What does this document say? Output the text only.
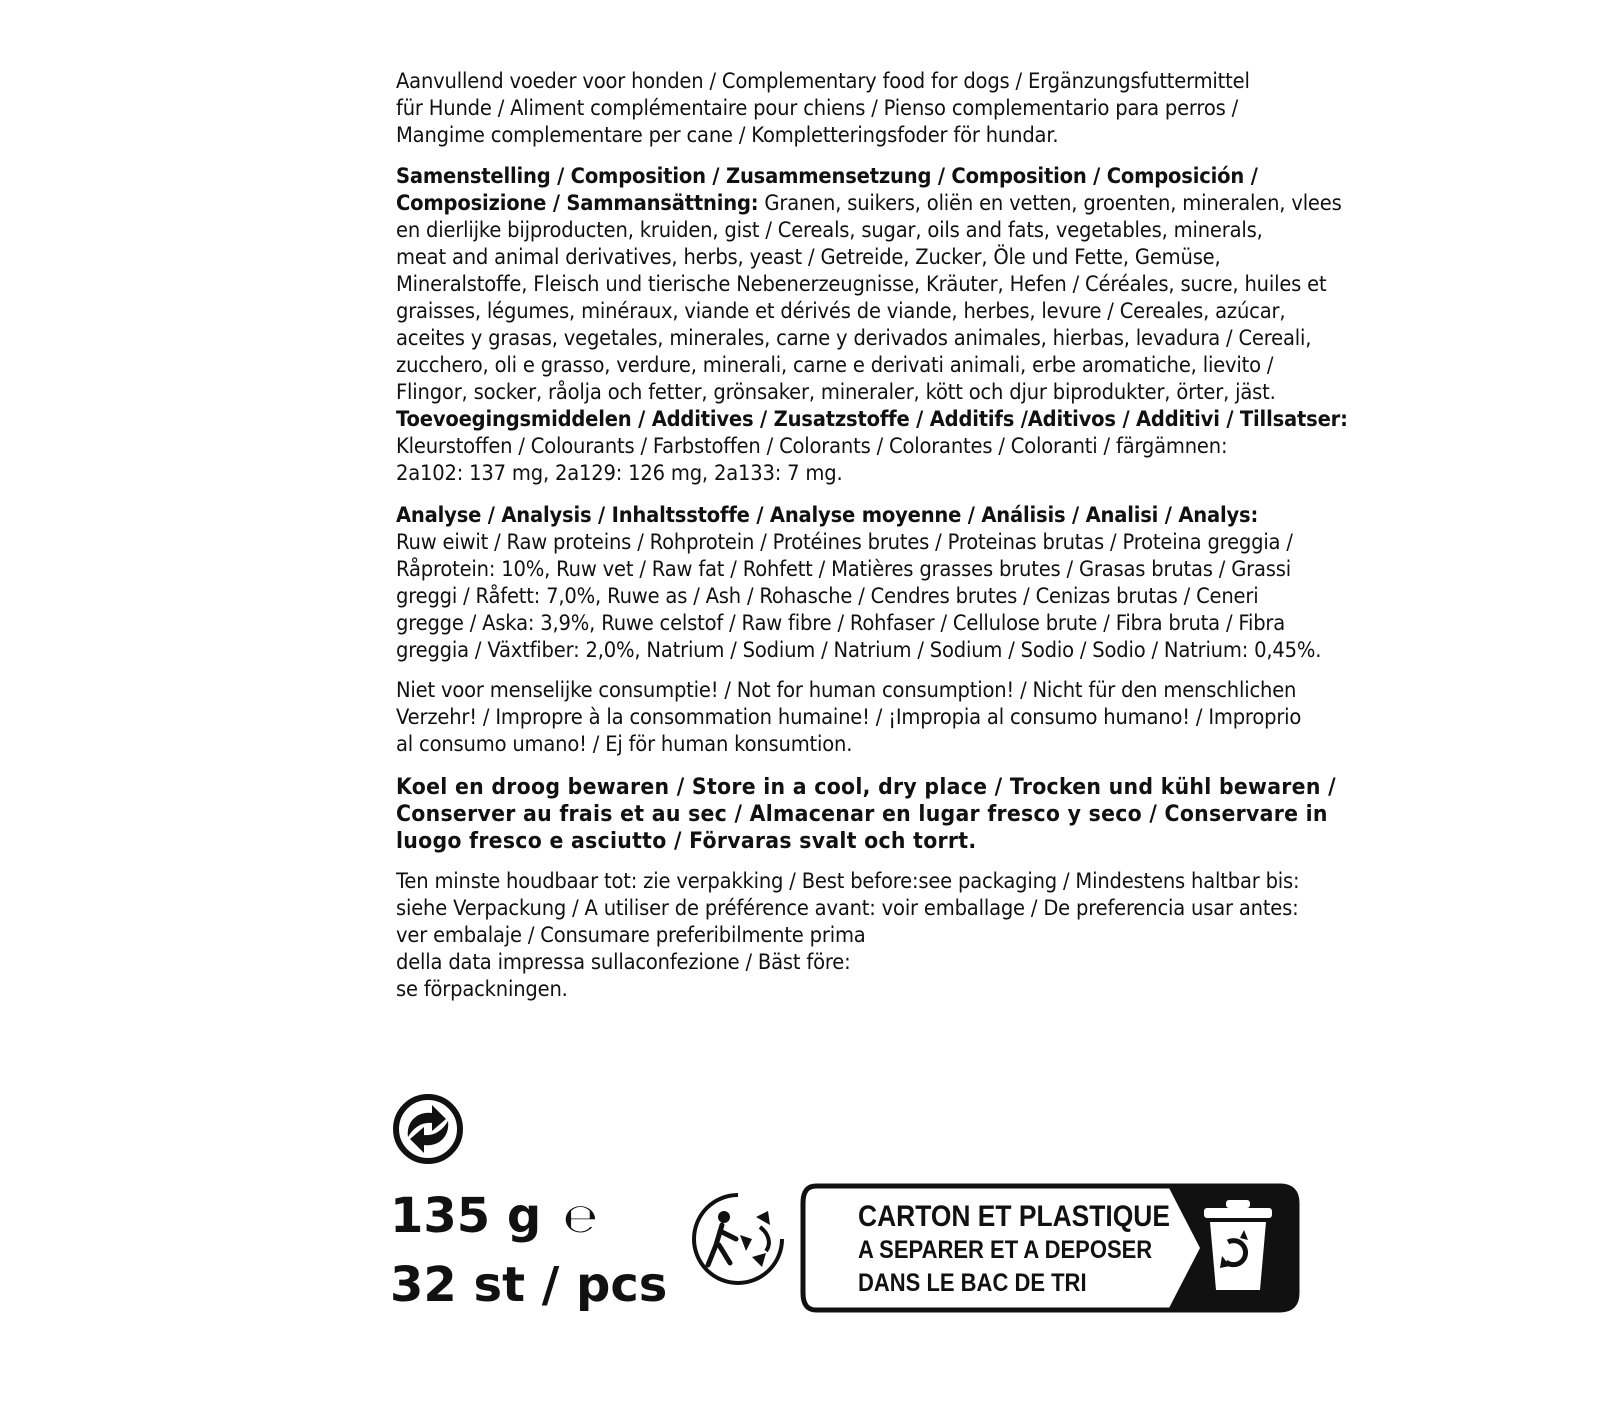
Aanvullend voeder voor honden / Complementary food for dogs / Ergänzungsfuttermittel

für Hunde / Aliment complémentaire pour chiens / Pienso complementario para perros /

Mangime complementare per cane / Kompletteringsfoder för hundar.

Samenstelling / Composition / Zusammensetzung / Composition / Composición /

Composizione / Sammansättning: Granen, suikers, oliën en vetten, groenten, mineralen, vlees

en dierlijke bijproducten, kruiden, gist / Cereals, sugar, oils and fats, vegetables, minerals,

meat and animal derivatives, herbs, yeast / Getreide, Zucker, Öle und Fette, Gemüse,

Mineralstoffe, Fleisch und tierische Nebenerzeugnisse, Kräuter, Hefen / Céréales, sucre, huiles et

graisses, légumes, minéraux, viande et dérivés de viande, herbes, levure / Cereales, azúcar,

aceites y grasas, vegetales, minerales, carne y derivados animales, hierbas, levadura / Cereali,

zucchero, oli e grasso, verdure, minerali, carne e derivati animali, erbe aromatiche, lievito /

Flingor, socker, råolja och fetter, grönsaker, mineraler, kött och djur biprodukter, örter, jäst.

Toevoegingsmiddelen / Additives / Zusatzstoffe / Additifs /Aditivos / Additivi / Tillsatser:

Kleurstoffen / Colourants / Farbstoffen / Colorants / Colorantes / Coloranti / färgämnen:

2a102: 137 mg, 2a129: 126 mg, 2a133: 7 mg.

Analyse / Analysis / Inhaltsstoffe / Analyse moyenne / Análisis / Analisi / Analys:

Ruw eiwit / Raw proteins / Rohprotein / Protéines brutes / Proteinas brutas / Proteina greggia /

Råprotein: 10%, Ruw vet / Raw fat / Rohfett / Matières grasses brutes / Grasas brutas / Grassi

greggi / Råfett: 7,0%, Ruwe as / Ash / Rohasche / Cendres brutes / Cenizas brutas / Ceneri

gregge / Aska: 3,9%, Ruwe celstof / Raw fibre / Rohfaser / Cellulose brute / Fibra bruta / Fibra

greggia / Växtfiber: 2,0%, Natrium / Sodium / Natrium / Sodium / Sodio / Sodio / Natrium: 0,45%.

Niet voor menselijke consumptie! / Not for human consumption! / Nicht für den menschlichen

Verzehr! / Impropre à la consommation humaine! / ¡Impropia al consumo humano! / Improprio

al consumo umano! / Ej för human konsumtion.

Koel en droog bewaren / Store in a cool, dry place / Trocken und kühl bewaren /

Conserver au frais et au sec / Almacenar en lugar fresco y seco / Conservare in

luogo fresco e asciutto / Förvaras svalt och torrt.

Ten minste houdbaar tot: zie verpakking / Best before:see packaging / Mindestens haltbar bis:

siehe Verpackung / A utiliser de préférence avant: voir emballage / De preferencia usar antes:

ver embalaje / Consumare preferibilmente prima

della data impressa sullaconfezione / Bäst före:

se förpackningen.

135 g ℮
32 st / pcs
CARTON ET PLASTIQUE
A SEPARER ET A DEPOSER
DANS LE BAC DE TRI
